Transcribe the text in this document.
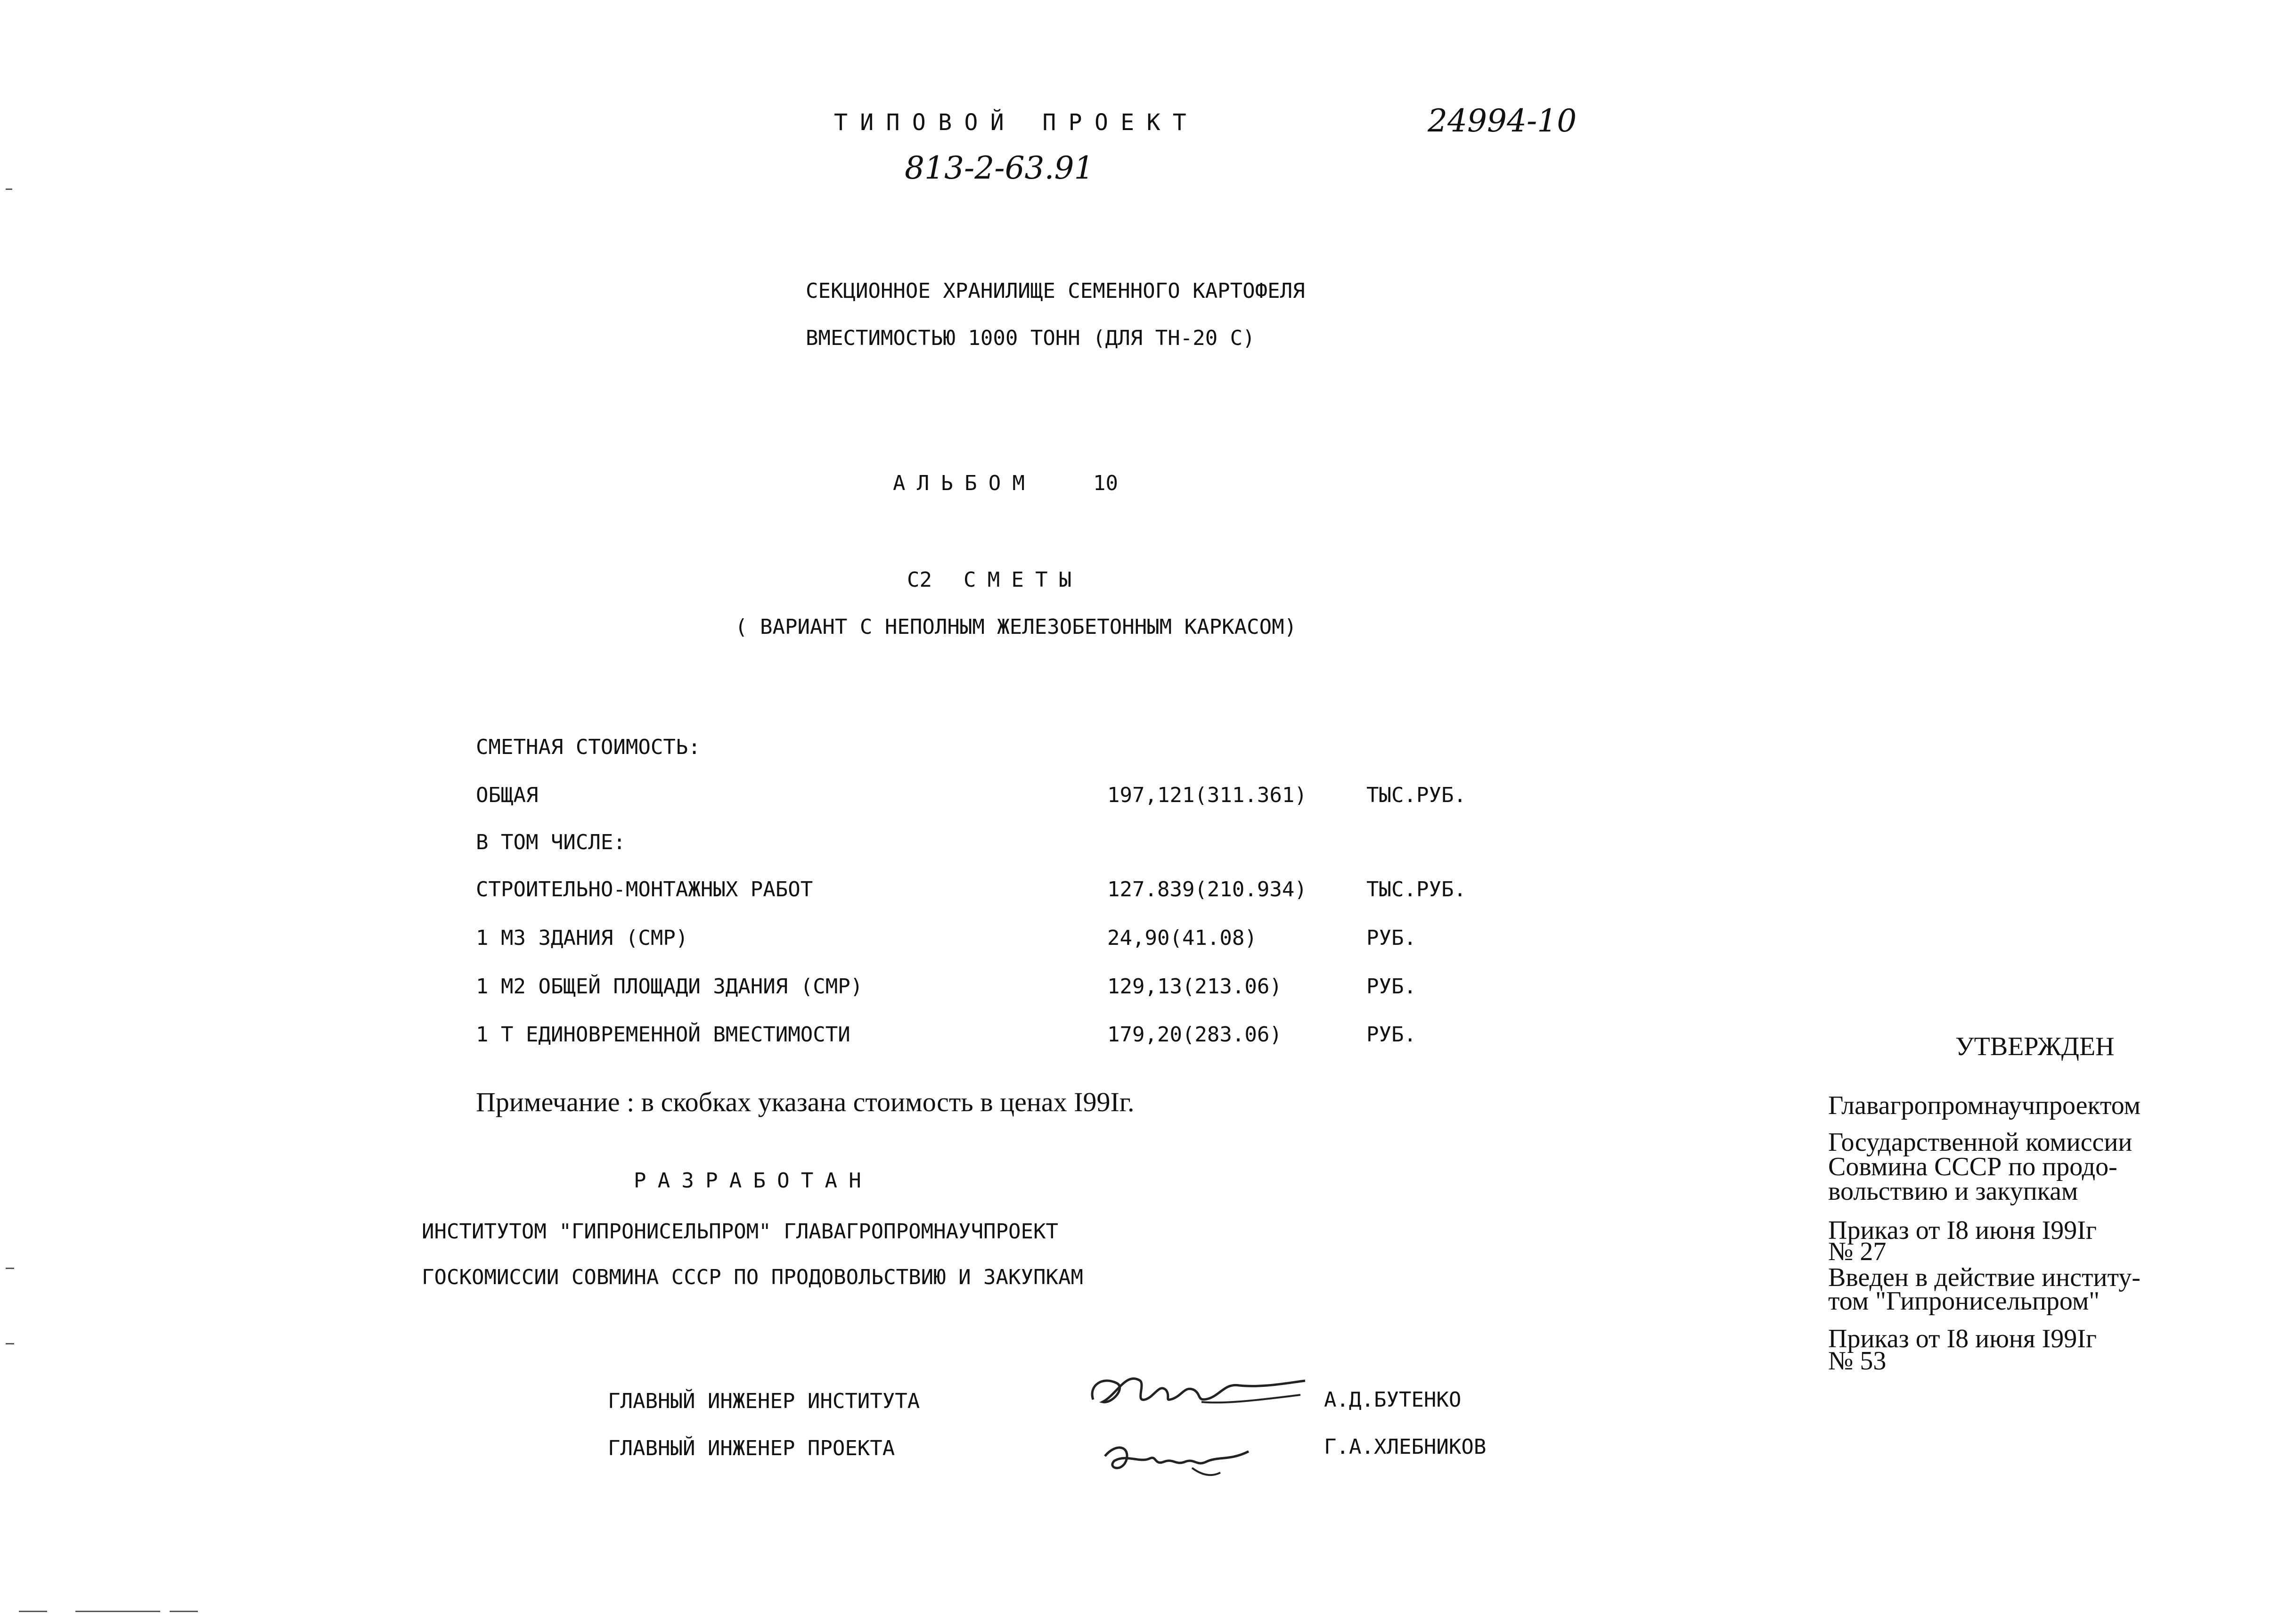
ТИПОВОЙ ПРОЕКТ
813-2-63.91
24994-10
СЕКЦИОННОЕ ХРАНИЛИЩЕ СЕМЕННОГО КАРТОФЕЛЯ
ВМЕСТИМОСТЬЮ 1000 ТОНН (ДЛЯ ТН-20 С)
АЛЬБОМ	10
С2 СМЕТЫ
( ВАРИАНТ С НЕПОЛНЫМ ЖЕЛЕЗОБЕТОННЫМ КАРКАСОМ)
СМЕТНАЯ СТОИМОСТЬ:
ОБЩАЯ	197,121(311.361)	ТЫС.РУБ.
В ТОМ ЧИСЛЕ:
СТРОИТЕЛЬНО-МОНТАЖНЫХ РАБОТ	127.839(210.934)	ТЫС.РУБ.
1 М3 ЗДАНИЯ (СМР)	24,90(41.08)	РУБ.
1 М2 ОБЩЕЙ ПЛОЩАДИ ЗДАНИЯ (СМР)	129,13(213.06)	РУБ.
1 Т ЕДИНОВРЕМЕННОЙ ВМЕСТИМОСТИ	179,20(283.06)	РУБ.
Примечание : в скобках указана стоимость в ценах I99Iг.
РАЗРАБОТАН
ИНСТИТУТОМ "ГИПРОНИСЕЛЬПРОМ" ГЛАВАГРОПРОМНАУЧПРОЕКТ
ГОСКОМИССИИ СОВМИНА СССР ПО ПРОДОВОЛЬСТВИЮ И ЗАКУПКАМ
ГЛАВНЫЙ ИНЖЕНЕР ИНСТИТУТА	А.Д.БУТЕНКО
ГЛАВНЫЙ ИНЖЕНЕР ПРОЕКТА	Г.А.ХЛЕБНИКОВ
УТВЕРЖДЕН
Главагропромнаучпроектом
Государственной комиссии
Совмина СССР по продо-
вольствию и закупкам
Приказ от I8 июня I99Iг
№ 27
Введен в действие институ-
том "Гипронисельпром"
Приказ от I8 июня I99Iг
№ 53
